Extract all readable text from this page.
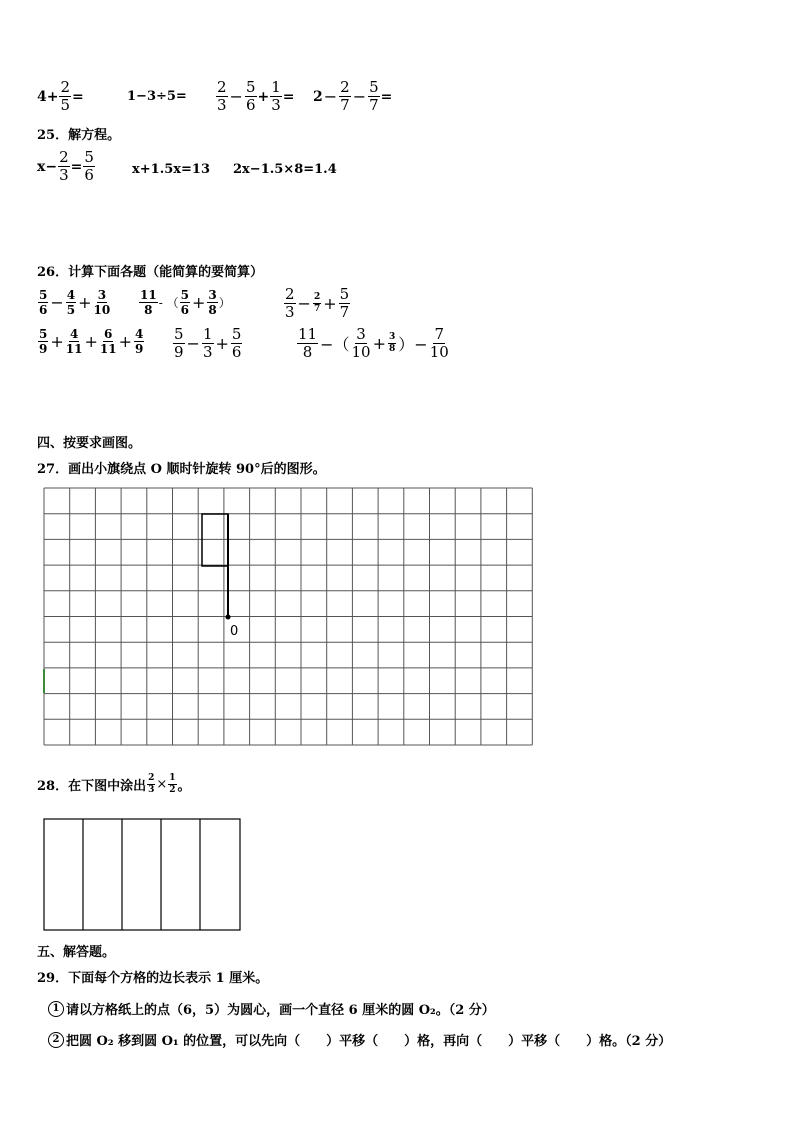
$4 + \frac{2}{5}$ =	$1-3\div 5= \frac{2}{3} - \frac{5}{6} + \frac{1}{3} = 2 - \frac{2}{7} - \frac{5}{7}$ =
25．解方程。
$x- \frac{2}{3} = \frac{5}{6}$	x+1.5x=13 2x−1.5×8=1.4
26．计算下面各题（能简算的要简算）
$\frac{5}{6} - \frac{4}{5} + \frac{3}{10} \frac{11}{8}$ - （ $\frac{5}{6} + \frac{3}{8}$ ）	$\frac{2}{3} - \frac{2}{7} + \frac{5}{7}$
$\frac{5}{9} + \frac{4}{11} + \frac{6}{11} + \frac{4}{9} \frac{5}{9} - \frac{1}{3} + \frac{5}{6}$	$\frac{11}{8}$ −（ $\frac{3}{10} + \frac{3}{8}$ ）− $\frac{7}{10}$
四、按要求画图。
27．画出小旗绕点 O 顺时针旋转 90°后的图形。
0
28．在下图中涂出 $\frac{2}{3} \times \frac{1}{2}$ 。
五、解答题。
29．下面每个方格的边长表示 1 厘米。
1 请以方格纸上的点（6，5）为圆心，画一个直径 6 厘米的圆 O₂。（2 分）
2 把圆 O₂ 移到圆 O₁ 的位置，可以先向（　　）平移（　　）格，再向（　　）平移（　　）格。（2 分）
